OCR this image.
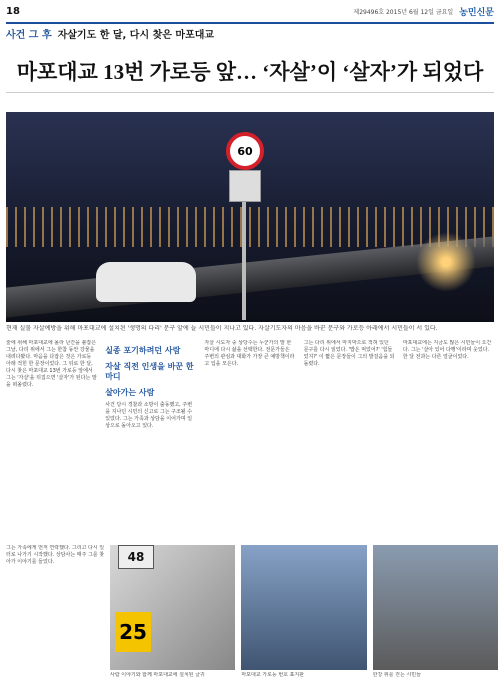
18	제29496호 2015년 6월 12일 금요일 농민신문
사건 그 후 자살기도 한 달, 다시 찾은 마포대교
마포대교 13번 가로등 앞… ‘자살’이 ‘살자’가 되었다
60
현재 실물 자살예방을 위해 마포대교에 설치된 '생명의 다리' 문구 앞에 늘 시민들이 지나고 있다. 자살기도자의 마음을 바꾼 문구와 가로등 아래에서 시민들이 서 있다.

술에 취해 마포대교에 올라 난간을 붙잡은 그날, 다리 위에서 그는 한참 동안 강물을 내려다봤다. 마음을 다잡은 것은 가로등 아래 적힌 한 문장이었다. 그 뒤로 한 달, 다시 찾은 마포대교 13번 가로등 앞에서 그는 '자살'을 뒤집으면 '살자'가 된다는 말을 떠올렸다.

실종 포기하려던 사람
자살 직전 인생을 바꾼 한마디
살아가는 사람

사건 당시 경찰과 소방이 출동했고, 주변을 지나던 시민의 신고로 그는 구조될 수 있었다. 그는 가족과 상담을 이어가며 일상으로 돌아오고 있다.

자살 시도자 중 상당수는 누군가의 말 한마디에 다시 삶을 선택한다. 전문가들은 주변의 관심과 대화가 가장 큰 예방책이라고 입을 모은다.

그는 다리 위에서 마지막으로 적혀 있던 문구를 다시 읽었다. '밥은 먹었어?' '힘들었지?' 이 짧은 문장들이 그의 발걸음을 되돌렸다.

마포대교에는 지금도 많은 시민들이 오간다. 그는 '살아 있어 다행'이라며 웃었다. 한 달 전과는 다른 얼굴이었다.

그는 가족에게 먼저 연락했다. 그리고 다시 일터로 나가기 시작했다. 상담사는 매주 그를 찾아가 이야기를 들었다.	48
25
사람 이야기와 함께 마포대교에 설치된 글귀	마포대교 가로등 번호 표지판	한강 위를 걷는 시민들
